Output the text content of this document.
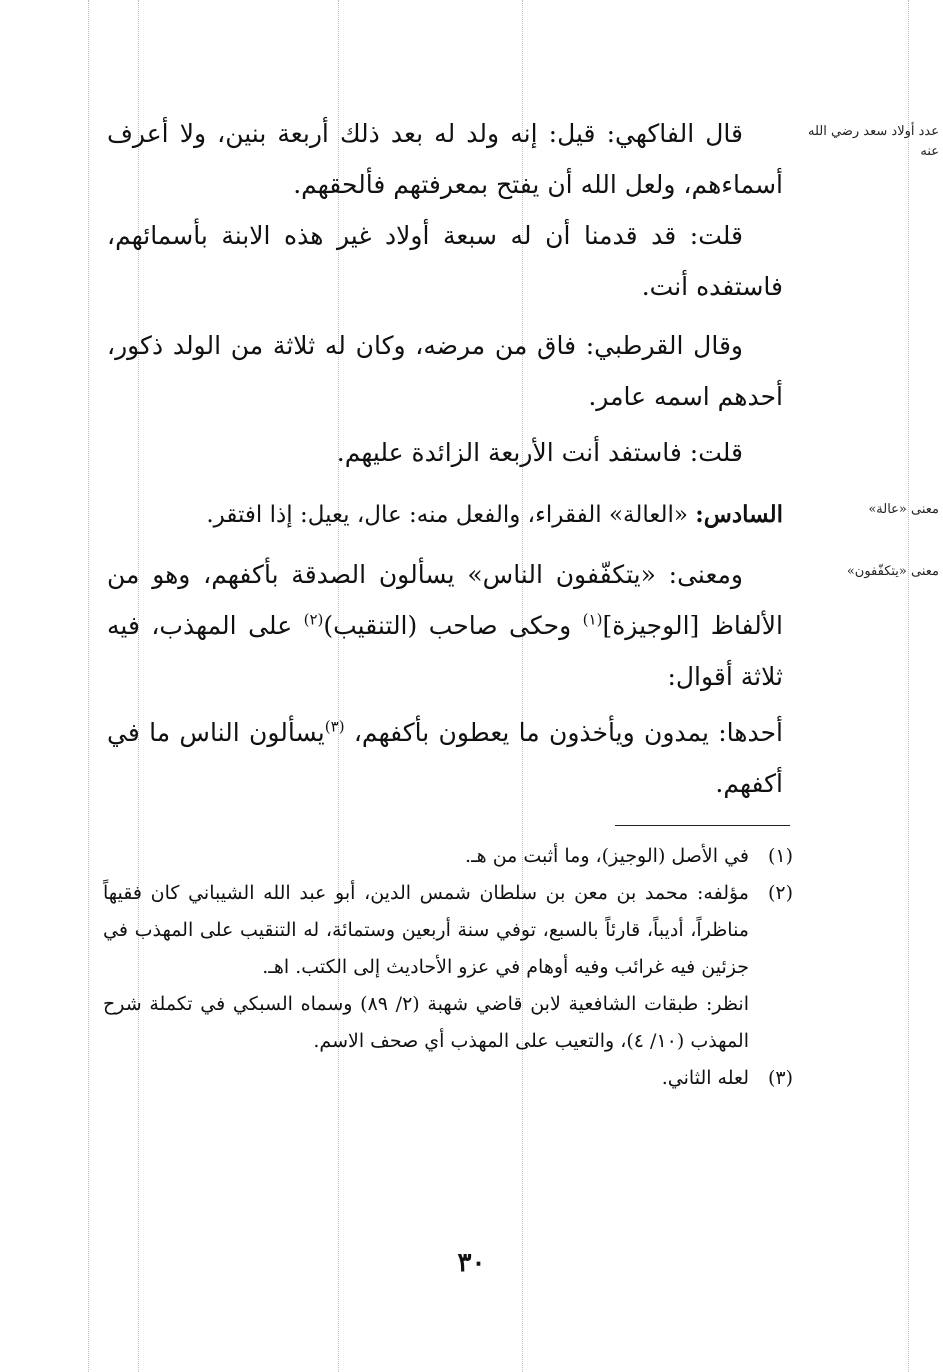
عدد أولاد سعد رضي الله عنه
معنى «عالة»
معنى «يتكفّفون»

قال الفاكهي: قيل: إنه ولد له بعد ذلك أربعة بنين، ولا أعرف أسماءهم، ولعل الله أن يفتح بمعرفتهم فألحقهم.

قلت: قد قدمنا أن له سبعة أولاد غير هذه الابنة بأسمائهم، فاستفده أنت.

وقال القرطبي: فاق من مرضه، وكان له ثلاثة من الولد ذكور، أحدهم اسمه عامر.

قلت: فاستفد أنت الأربعة الزائدة عليهم.

السادس: «العالة» الفقراء، والفعل منه: عال، يعيل: إذا افتقر.

ومعنى: «يتكفّفون الناس» يسألون الصدقة بأكفهم، وهو من الألفاظ [الوجيزة]$^{(١)}$ وحكى صاحب (التنقيب)$^{(٢)}$ على المهذب، فيه ثلاثة أقوال:

أحدها: يمدون ويأخذون ما يعطون بأكفهم، $^{(٣)}$يسألون الناس ما في أكفهم.

(١)

في الأصل (الوجيز)، وما أثبت من هـ.

(٢)

مؤلفه: محمد بن معن بن سلطان شمس الدين، أبو عبد الله الشيباني كان فقيهاً مناظراً، أديباً، قارئاً بالسبع، توفي سنة أربعين وستمائة، له التنقيب على المهذب في جزئين فيه غرائب وفيه أوهام في عزو الأحاديث إلى الكتب. اهـ.

انظر: طبقات الشافعية لابن قاضي شهبة (٢/ ٨٩) وسماه السبكي في تكملة شرح المهذب (١٠/ ٤)، والتعيب على المهذب أي صحف الاسم.

(٣)

لعله الثاني.

٣٠
